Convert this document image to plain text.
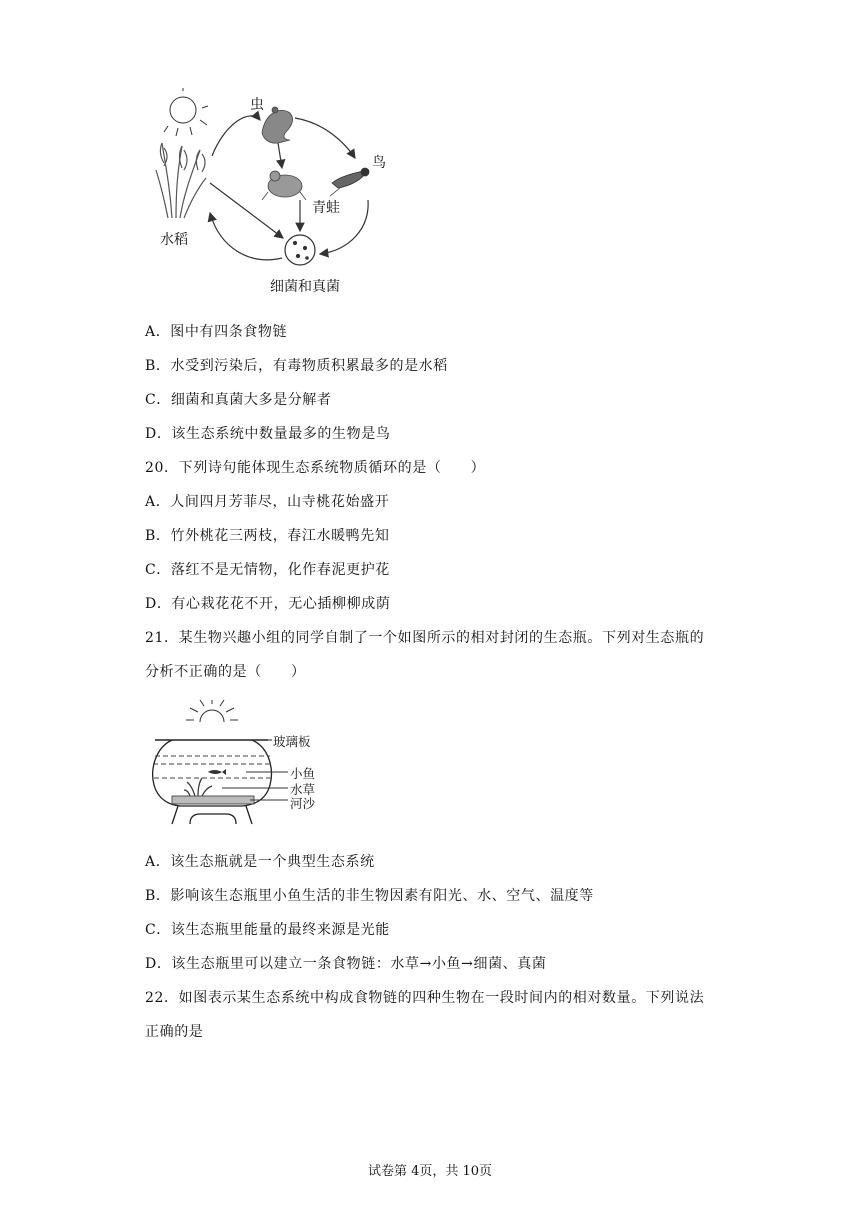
虫
鸟
青蛙
水稻
细菌和真菌
A．图中有四条食物链
B．水受到污染后，有毒物质积累最多的是水稻
C．细菌和真菌大多是分解者
D．该生态系统中数量最多的生物是鸟
20．下列诗句能体现生态系统物质循环的是（　　）
A．人间四月芳菲尽，山寺桃花始盛开
B．竹外桃花三两枝，春江水暖鸭先知
C．落红不是无情物，化作春泥更护花
D．有心栽花花不开，无心插柳柳成荫
21．某生物兴趣小组的同学自制了一个如图所示的相对封闭的生态瓶。下列对生态瓶的
分析不正确的是（　　）
玻璃板
小鱼
水草
河沙
A．该生态瓶就是一个典型生态系统
B．影响该生态瓶里小鱼生活的非生物因素有阳光、水、空气、温度等
C．该生态瓶里能量的最终来源是光能
D．该生态瓶里可以建立一条食物链：水草→小鱼→细菌、真菌
22．如图表示某生态系统中构成食物链的四种生物在一段时间内的相对数量。下列说法
正确的是
试卷第 4页，共 10页
